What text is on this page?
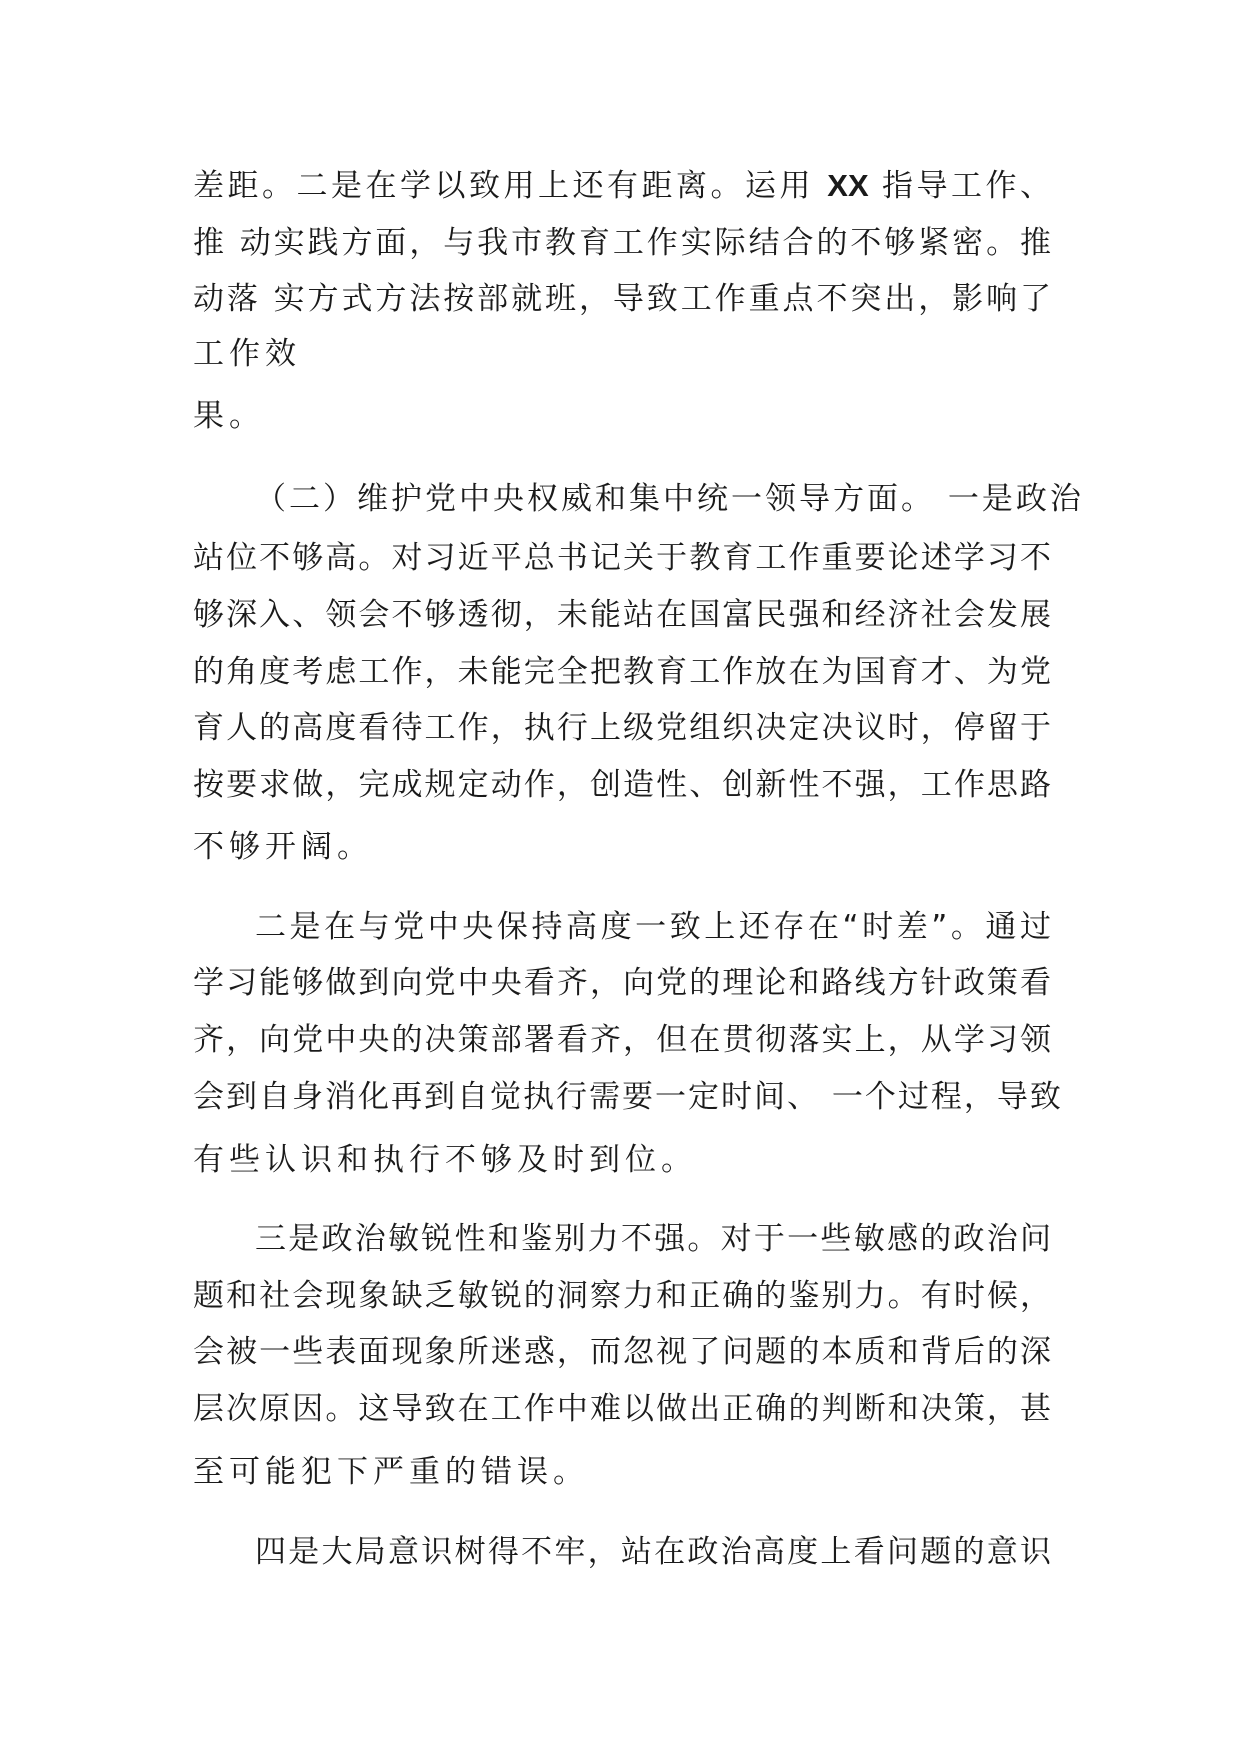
差距。二是在学以致用上还有距离。运用 XX 指导工作、
推 动实践方面，与我市教育工作实际结合的不够紧密。推
动落 实方式方法按部就班，导致工作重点不突出，影响了
工作效
果。
（二）维护党中央权威和集中统一领导方面。 一是政治
站位不够高。对习近平总书记关于教育工作重要论述学习不
够深入、领会不够透彻，未能站在国富民强和经济社会发展
的角度考虑工作，未能完全把教育工作放在为国育才、为党
育人的高度看待工作，执行上级党组织决定决议时，停留于
按要求做，完成规定动作，创造性、创新性不强，工作思路
不够开阔。
二是在与党中央保持高度一致上还存在“时差”。通过
学习能够做到向党中央看齐，向党的理论和路线方针政策看
齐，向党中央的决策部署看齐，但在贯彻落实上，从学习领
会到自身消化再到自觉执行需要一定时间、 一个过程，导致
有些认识和执行不够及时到位。
三是政治敏锐性和鉴别力不强。对于一些敏感的政治问
题和社会现象缺乏敏锐的洞察力和正确的鉴别力。有时候，
会被一些表面现象所迷惑，而忽视了问题的本质和背后的深
层次原因。这导致在工作中难以做出正确的判断和决策，甚
至可能犯下严重的错误。
四是大局意识树得不牢，站在政治高度上看问题的意识
